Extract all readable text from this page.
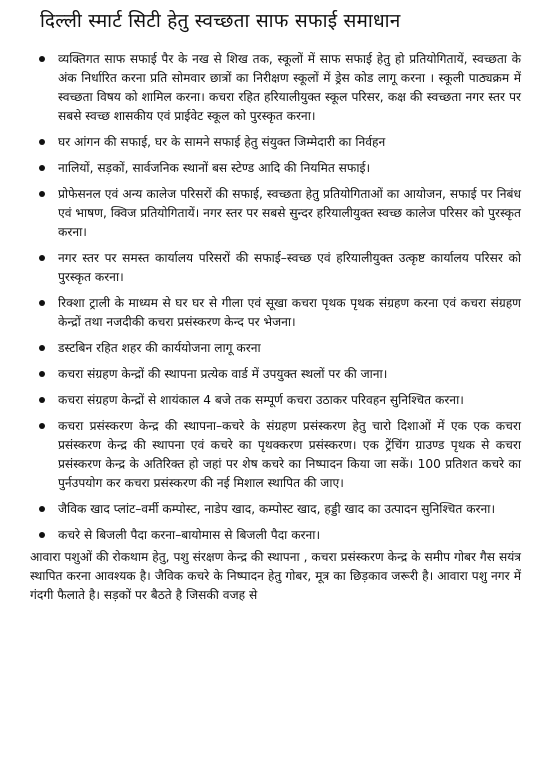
दिल्ली स्मार्ट सिटी हेतु स्वच्छता साफ सफाई समाधान
व्यक्तिगत साफ सफाई पैर के नख से शिख तक, स्कूलों में साफ सफाई हेतु हो प्रतियोगितायें, स्वच्छता के अंक निर्धारित करना प्रति सोमवार छात्रों का निरीक्षण स्कूलों में ड्रेस कोड लागू करना । स्कूली पाठ्यक्रम में स्वच्छता विषय को शामिल करना। कचरा रहित हरियालीयुक्त स्कूल परिसर, कक्ष की स्वच्छता नगर स्तर पर सबसे स्वच्छ शासकीय एवं प्राईवेट स्कूल को पुरस्कृत करना।
घर आंगन की सफाई, घर के सामने सफाई हेतु संयुक्त जिम्मेदारी का निर्वहन
नालियों, सड़कों, सार्वजनिक स्थानों बस स्टेण्ड आदि की नियमित सफाई।
प्रोफेसनल एवं अन्य कालेज परिसरों की सफाई, स्वच्छता हेतु प्रतियोगिताओं का आयोजन, सफाई पर निबंध एवं भाषण, क्विज प्रतियोगितायें। नगर स्तर पर सबसे सुन्दर हरियालीयुक्त स्वच्छ कालेज परिसर को पुरस्कृत करना।
नगर स्तर पर समस्त कार्यालय परिसरों की सफाई–स्वच्छ एवं हरियालीयुक्त उत्कृष्ट कार्यालय परिसर को पुरस्कृत करना।
रिक्शा ट्राली के माध्यम से घर घर से गीला एवं सूखा कचरा पृथक पृथक संग्रहण करना एवं कचरा संग्रहण केन्द्रों तथा नजदीकी कचरा प्रसंस्करण केन्द पर भेजना।
डस्टबिन रहित शहर की कार्ययोजना लागू करना
कचरा संग्रहण केन्द्रों की स्थापना प्रत्येक वार्ड में उपयुक्त स्थलों पर की जाना।
कचरा संग्रहण केन्द्रों से शायंकाल 4 बजे तक सम्पूर्ण कचरा उठाकर परिवहन सुनिश्चित करना।
कचरा प्रसंस्करण केन्द्र की स्थापना–कचरे के संग्रहण प्रसंस्करण हेतु चारो दिशाओं में एक एक कचरा प्रसंस्करण केन्द्र की स्थापना एवं कचरे का पृथक्करण प्रसंस्करण। एक ट्रेंचिंग ग्राउण्ड पृथक से कचरा प्रसंस्करण केन्द्र के अतिरिक्त हो जहां पर शेष कचरे का निष्पादन किया जा सकें। 100 प्रतिशत कचरे का पुर्नउपयोग कर कचरा प्रसंस्करण की नई मिशाल स्थापित की जाए।
जैविक खाद प्लांट–वर्मी कम्पोस्ट, नाडेप खाद, कम्पोस्ट खाद, हड्डी खाद का उत्पादन सुनिश्चित करना।
कचरे से बिजली पैदा करना–बायोमास से बिजली पैदा करना।

आवारा पशुओं की रोकथाम हेतु, पशु संरक्षण केन्द्र की स्थापना , कचरा प्रसंस्करण केन्द्र के समीप गोबर गैस सयंत्र स्थापित करना आवश्यक है। जैविक कचरे के निष्पादन हेतु गोबर, मूत्र का छिड़काव जरूरी है। आवारा पशु नगर में गंदगी फैलाते है। सड़कों पर बैठते है जिसकी वजह से
